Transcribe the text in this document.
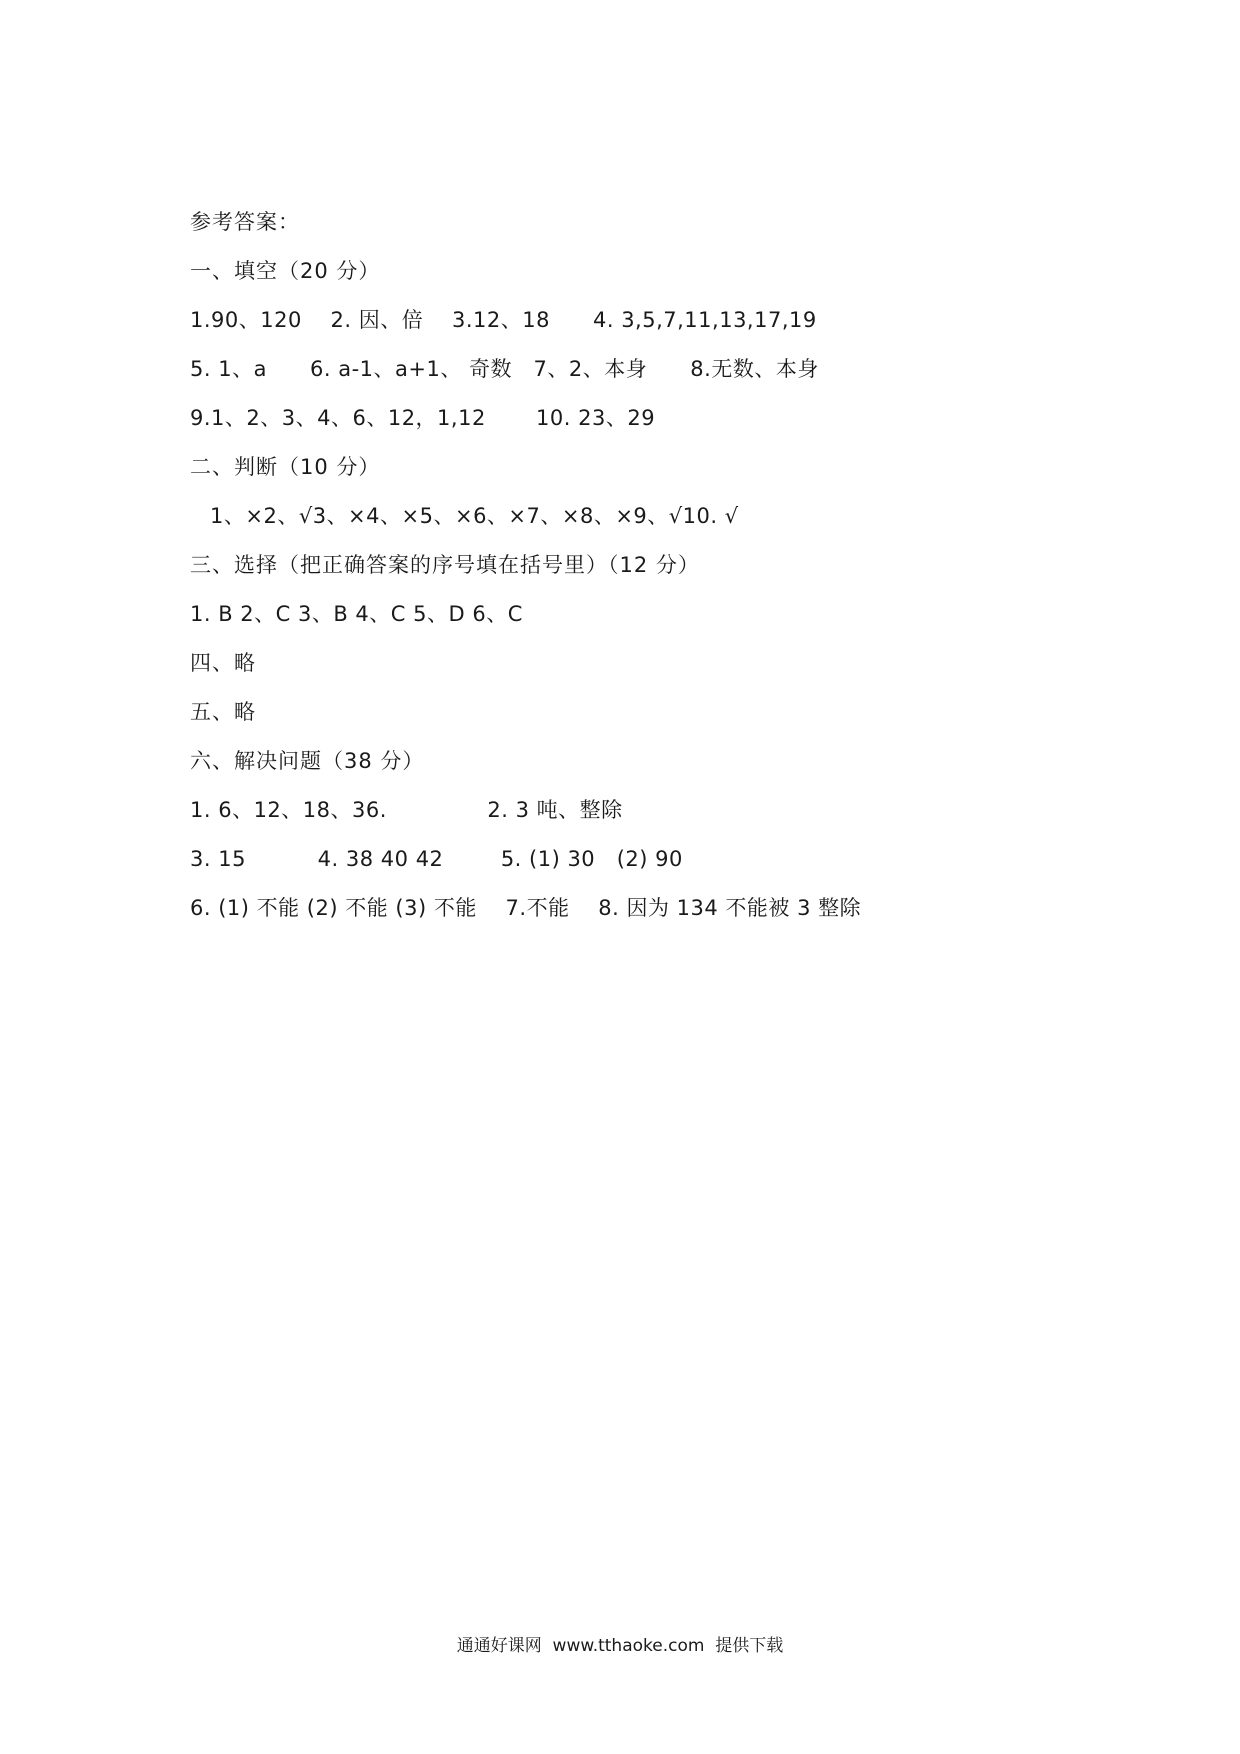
参考答案：
一、填空（20 分）
1.90、120    2. 因、倍    3.12、18      4. 3,5,7,11,13,17,19
5. 1、a      6. a-1、a+1、 奇数   7、2、本身      8.无数、本身
9.1、2、3、4、6、12，1,12       10. 23、29
二、判断（10 分）
1、×2、√3、×4、×5、×6、×7、×8、×9、√10. √
三、选择（把正确答案的序号填在括号里）（12 分）
1. B 2、C 3、B 4、C 5、D 6、C
四、略
五、略
六、解决问题（38 分）
1. 6、12、18、36.              2. 3 吨、整除
3. 15          4. 38 40 42        5. (1) 30   (2) 90
6. (1) 不能 (2) 不能 (3) 不能    7.不能    8. 因为 134 不能被 3 整除
通通好课网  www.tthaoke.com  提供下载
